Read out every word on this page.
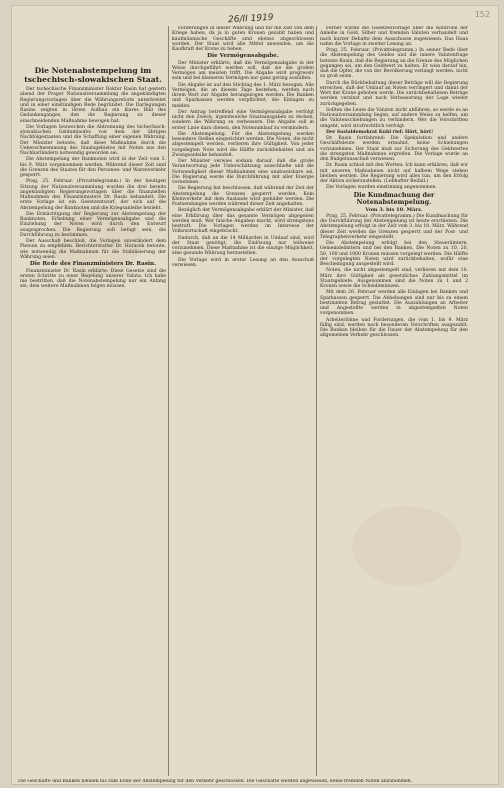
26/II 1919	152
Die Notenabstempelung im tschechisch-slowakischen Staat.

Der tschechische Finanzminister Doktor Rasin hat gestern abend der Prager Nationalversammlung die angekündigten Regierungsvorlagen über die Währungsreform unterbreitet und in einer einstündigen Rede begründet. Die Darlegungen Rasins zeigten in ihrem Aufbau ein klares Bild des Gedankenganges, den die Regierung zu dieser einschneidenden Maßnahme bewogen hat.

Die Vorlagen bezwecken die Abtrennung des tschechisch-slowakischen Geldumlaufes von dem der übrigen Nachfolgestaaten und die Schaffung einer eigenen Währung. Der Minister betonte, daß diese Maßnahme durch die Ueberschwemmung des Staatsgebietes mit Noten aus den Nachbarländern notwendig geworden sei.

Die Abstempelung der Banknoten wird in der Zeit vom 3. bis 9. März vorgenommen werden. Während dieser Zeit sind die Grenzen des Staates für den Personen- und Warenverkehr gesperrt.

Prag, 25. Februar. (Privattelegramm.) In der heutigen Sitzung der Nationalversammlung wurden die drei bereits angekündigten Regierungsvorlagen über die finanziellen Maßnahmen des Finanzministers Dr. Rasin behandelt. Die erste Vorlage ist ein Gesetzentwurf, der sich auf die Abstempelung der Banknoten und die Kriegsanleihe bezieht.

Die Ermächtigung der Regierung zur Abstempelung der Banknoten, Erhebung einer Vermögensabgabe und die Einziehung der Noten wird durch den Entwurf ausgesprochen. Die Regierung soll befugt sein, die Durchführung zu bestimmen.

Der Ausschuß beschloß, die Vorlagen unverändert dem Plenum zu empfehlen. Berichterstatter Dr. Horacek betonte, wie notwendig die Maßnahmen für die Stabilisierung der Währung seien.

Die Rede des Finanzministers Dr. Rasin.

Finanzminister Dr. Rasin erklärte: Diese Gesetze sind die ersten Schritte zu einer Regelung unserer Valuta. Ich habe nie bestritten, daß die Notenabstempelung nur ein Anfang sei, dem weitere Maßnahmen folgen müssen.

Forderungen in dieser Währung und für die Zeit von dem Kriege haben, da ja in guten Kronen gezahlt haben und kaufmännische Geschäfte sind ebenso abgeschlossen worden. Der Staat wird alle Mittel anwenden, um die Kaufkraft der Krone zu heben.

Die Vermögensabgabe.

Der Minister erklärte, daß die Vermögensabgabe in der Weise durchgeführt werden soll, daß sie die großen Vermögen am meisten trifft. Die Abgabe wird progressiv sein und bei kleineren Vermögen nur ganz gering ausfallen.

Die Abgabe ist auf den Stichtag des 1. März bezogen. Alle Vermögen, die an diesem Tage bestehen, werden nach ihrem Wert zur Abgabe herangezogen werden. Die Banken und Sparkassen werden verpflichtet, die Einlagen zu melden.

Der Antrag betreffend eine Vermögensabgabe verfolgt nicht den Zweck, irgendwelche Staatsausgaben zu decken, sondern die Währung zu verbessern. Die Abgabe soll in erster Linie dazu dienen, den Notenumlauf zu vermindern.

Die Abstempelung. Für die Abstempelung werden besondere Stellen eingerichtet werden. Die Noten, die nicht abgestempelt werden, verlieren ihre Gültigkeit. Von jeder vorgelegten Note wird die Hälfte zurückbehalten und als Zwangsanleihe behandelt.

Der Minister verwies sodann darauf, daß die große Verantwortung jede Unterschätzung ausschließe und die Notwendigkeit dieser Maßnahmen eine unabweisbare sei. Die Regierung werde die Durchführung mit aller Energie vornehmen.

Die Regierung hat beschlossen, daß während der Zeit der Abstempelung die Grenzen gesperrt werden. Kein Kleinverkehr mit dem Auslande wird geduldet werden. Die Postsendungen werden während dieser Zeit angehalten.

Bezüglich der Vermögensabgabe erklärt der Minister, daß eine Erklärung über das gesamte Vermögen abgegeben werden muß. Wer falsche Angaben macht, wird strengstens bestraft. Die Vorlagen werden im Interesse der Volkswirtschaft eingebracht.

Dadurch, daß an die 14 Milliarden in Umlauf sind, wird der Staat genötigt, die Einlösung nur teilweise vorzunehmen. Diese Maßnahme ist die einzige Möglichkeit, eine gesunde Währung herzustellen.

Die Vorlage wird in erster Lesung an den Ausschuß verwiesen.

Ferner wurde die Gesetzesvorlage über die Kontrolle der Anleihe in Gold, Silber und fremden Valuten verhandelt und nach kurzer Debatte dem Ausschusse zugewiesen. Das Haus nahm die Vorlage in zweiter Lesung an.

Prag, 25. Februar. (Privattelegramm.) In seiner Rede über die Abstempelung des Geldes und die innere Valutenfrage betonte Rasin, daß die Regierung an die Grenze des Möglichen gegangen sei, um den Geldwert zu halten. Er wies darauf hin, daß die Opfer, die von der Bevölkerung verlangt werden, nicht zu groß seien.

Durch die Rückbehaltung dieser Beträge will die Regierung erreichen, daß der Umlauf an Noten verringert und damit der Wert der Krone gehoben werde. Die zurückbehaltenen Beträge werden verzinst und nach Verbesserung der Lage wieder zurückgegeben.

Sollten die Leute die Valuten nicht abführen, so werde es an Nationalversammlung liegen, auf andere Weise zu helfen, um die Valutenschiebungen zu verhindern. Wer die Vorschriften umgeht, wird strafrechtlich verfolgt.

Der Sozialdemokrat Kuhl rief: Hört, hört!

Dr. Rasin fortfahrend: Die Spekulation und andere Geschäftsleute werden ermahnt, keine Schiebungen vorzunehmen. Der Staat muß zur Sicherung des Geldwertes die strengsten Maßnahmen ergreifen. Die Vorlage wurde an den Budgetausschuß verwiesen.

Dr. Rasin schloß mit den Worten: Ich kann erklären, daß wir mit unseren Maßnahmen nicht auf halbem Wege stehen bleiben werden. Die Regierung wird alles tun, um den Erfolg der Aktion sicherzustellen. (Lebhafter Beifall.)

Die Vorlagen wurden einstimmig angenommen.

Die Kundmachung der Notenabstempelung.

Vom 3. bis 10. März.

Prag, 25. Februar. (Privattelegramm.) Die Kundmachung für die Durchführung der Abstempelung ist heute erschienen. Die Abstempelung erfolgt in der Zeit vom 3. bis 10. März. Während dieser Zeit werden die Grenzen gesperrt und der Post- und Telegraphenverkehr eingestellt.

Die Abstempelung erfolgt bei den Steuerämtern, Gemeindeämtern und bei den Banken. Die Noten zu 10, 20, 50, 100 und 1000 Kronen müssen vorgelegt werden. Die Hälfte der vorgelegten Noten wird zurückbehalten, wofür eine Bescheinigung ausgestellt wird.

Noten, die nicht abgestempelt sind, verlieren mit dem 10. März ihre Gültigkeit als gesetzliches Zahlungsmittel im Staatsgebiete. Ausgenommen sind die Noten zu 1 und 2 Kronen sowie die Scheidemünzen.

Mit dem 26. Februar werden alle Einlagen bei Banken und Sparkassen gesperrt. Die Abhebungen sind nur bis zu einem bestimmten Betrag gestattet. Die Auszahlungen an Arbeiter und Angestellte werden in abgestempelten Noten vorgenommen.

Arbeiterlöhne und Forderungen, die vom 1. bis 9. März fällig sind, werden nach besonderen Vorschriften ausgezahlt. Die Banken bleiben für die Dauer der Abstempelung für den allgemeinen Verkehr geschlossen.

Die Geschäfte und Banken bleiben bis zum Ende der Abstempelung für den Verkehr geschlossen. Die Geschäfte werden angewiesen, keine fremden Noten anzunehmen.
